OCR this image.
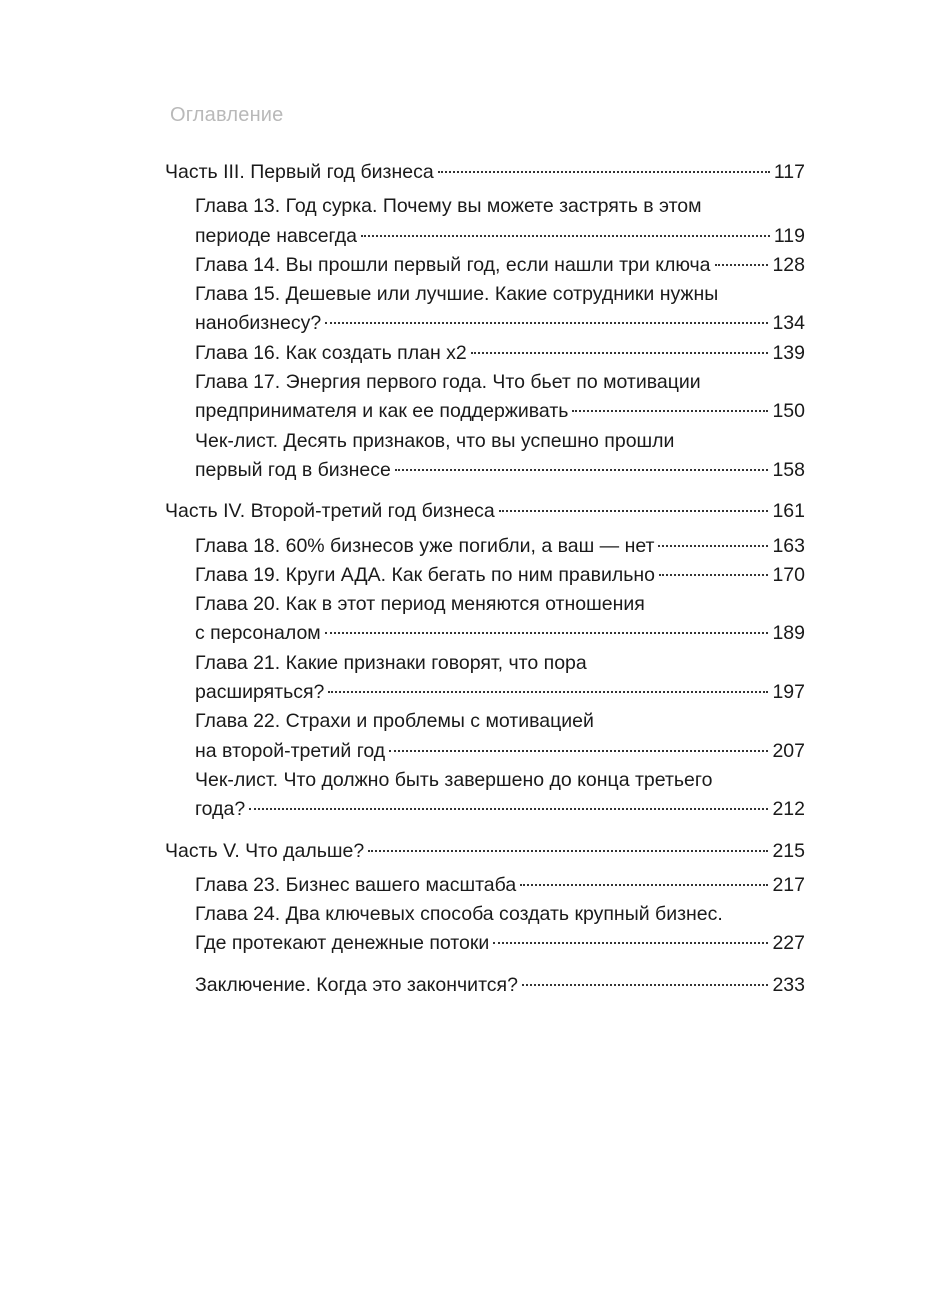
Оглавление
Часть III. Первый год бизнеса	117
Глава 13. Год сурка. Почему вы можете застрять в этом
периоде навсегда	119
Глава 14. Вы прошли первый год, если нашли три ключа	128
Глава 15. Дешевые или лучшие. Какие сотрудники нужны
нанобизнесу?	134
Глава 16. Как создать план x2	139
Глава 17. Энергия первого года. Что бьет по мотивации
предпринимателя и как ее поддерживать	150
Чек-лист. Десять признаков, что вы успешно прошли
первый год в бизнесе	158
Часть IV. Второй-третий год бизнеса	161
Глава 18. 60% бизнесов уже погибли, а ваш — нет	163
Глава 19. Круги АДА. Как бегать по ним правильно	170
Глава 20. Как в этот период меняются отношения
с персоналом	189
Глава 21. Какие признаки говорят, что пора
расширяться?	197
Глава 22. Страхи и проблемы с мотивацией
на второй-третий год	207
Чек-лист. Что должно быть завершено до конца третьего
года?	212
Часть V. Что дальше?	215
Глава 23. Бизнес вашего масштаба	217
Глава 24. Два ключевых способа создать крупный бизнес.
Где протекают денежные потоки	227
Заключение. Когда это закончится?	233
